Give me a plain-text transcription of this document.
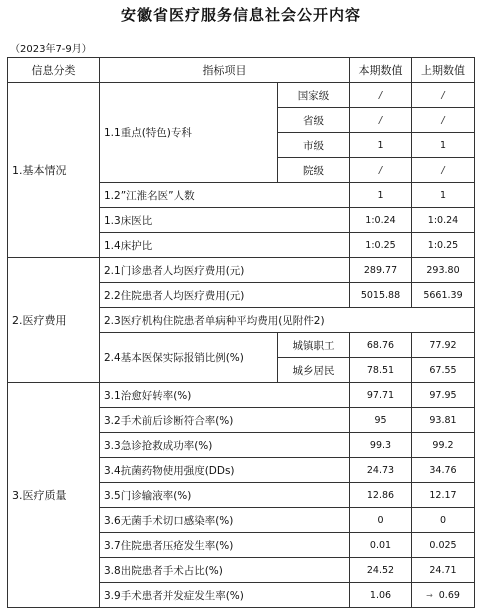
安徽省医疗服务信息社会公开内容
（2023年7-9月）
信息分类	指标项目		本期数值	上期数值
1.基本情况	1.1重点(特色)专科	国家级	/	/
		省级	/	/
		市级	1	1
		院级	/	/
	1.2”江淮名医”人数		1	1
	1.3床医比		1:0.24	1:0.24
	1.4床护比		1:0.25	1:0.25
2.医疗费用	2.1门诊患者人均医疗费用(元)		289.77	293.80
	2.2住院患者人均医疗费用(元)		5015.88	5661.39
	2.3医疗机构住院患者单病种平均费用(见附件2)			
	2.4基本医保实际报销比例(%)	城镇职工	68.76	77.92
		城乡居民	78.51	67.55
3.医疗质量	3.1治愈好转率(%)		97.71	97.95
	3.2手术前后诊断符合率(%)		95	93.81
	3.3急诊抢救成功率(%)		99.3	99.2
	3.4抗菌药物使用强度(DDs)		24.73	34.76
	3.5门诊输液率(%)		12.86	12.17
	3.6无菌手术切口感染率(%)		0	0
	3.7住院患者压疮发生率(%)		0.01	0.025
	3.8出院患者手术占比(%)		24.52	24.71
	3.9手术患者并发症发生率(%)		1.06	→ 0.69
